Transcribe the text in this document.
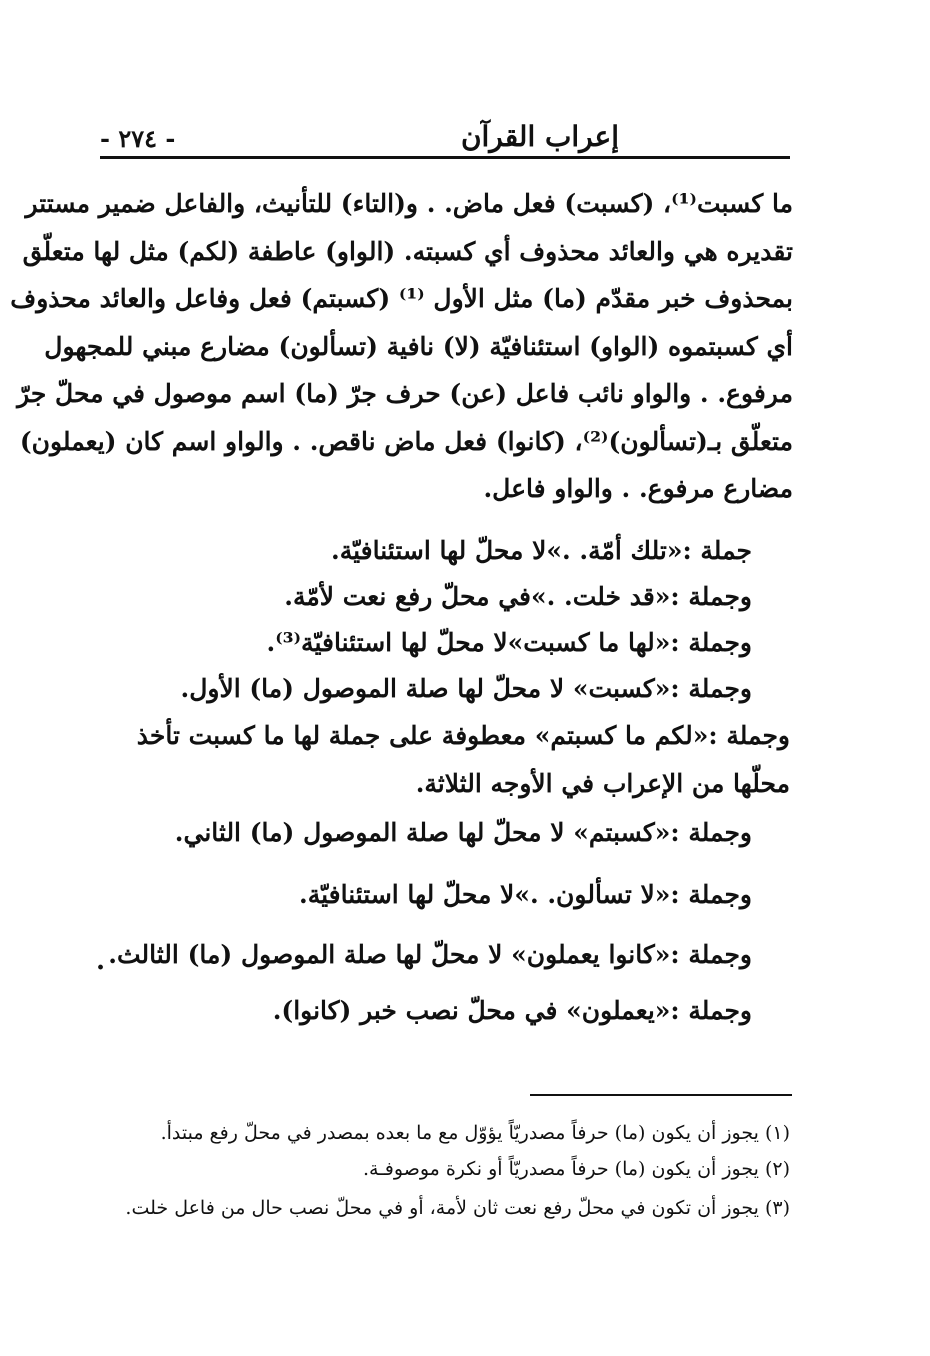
- ٢٧٤ -	إعراب القرآن
ما كسبت⁽¹⁾، (كسبت) فعل ماض. . و(التاء) للتأنيث، والفاعل ضمير مستتر
تقديره هي والعائد محذوف أي كسبته. (الواو) عاطفة (لكم) مثل لها متعلّق
بمحذوف خبر مقدّم (ما) مثل الأول ⁽¹⁾ (كسبتم) فعل وفاعل والعائد محذوف
أي كسبتموه (الواو) استئنافيّة (لا) نافية (تسألون) مضارع مبني للمجهول
مرفوع. . والواو نائب فاعل (عن) حرف جرّ (ما) اسم موصول في محلّ جرّ
متعلّق بـ(تسألون)⁽²⁾، (كانوا) فعل ماض ناقص. . والواو اسم كان (يعملون)
مضارع مرفوع. . والواو فاعل.
جملة :«تلك أمّة. .»لا محلّ لها استئنافيّة.
وجملة :«قد خلت. .»في محلّ رفع نعت لأمّة.
وجملة :«لها ما كسبت»لا محلّ لها استئنافيّة⁽³⁾.
وجملة :«كسبت» لا محلّ لها صلة الموصول (ما) الأول.
وجملة :«لكم ما كسبتم» معطوفة على جملة لها ما كسبت تأخذ محلّها من الإعراب في الأوجه الثلاثة.
وجملة :«كسبتم» لا محلّ لها صلة الموصول (ما) الثاني.
وجملة :«لا تسألون. .»لا محلّ لها استئنافيّة.
وجملة :«كانوا يعملون» لا محلّ لها صلة الموصول (ما) الثالث.
وجملة :«يعملون» في محلّ نصب خبر (كانوا).
.
(١) يجوز أن يكون (ما) حرفاً مصدريّاً يؤوّل مع ما بعده بمصدر في محلّ رفع مبتدأ.
(٢) يجوز أن يكون (ما) حرفاً مصدريّاً أو نكرة موصوفـة.
(٣) يجوز أن تكون في محلّ رفع نعت ثان لأمة، أو في محلّ نصب حال من فاعل خلت.
